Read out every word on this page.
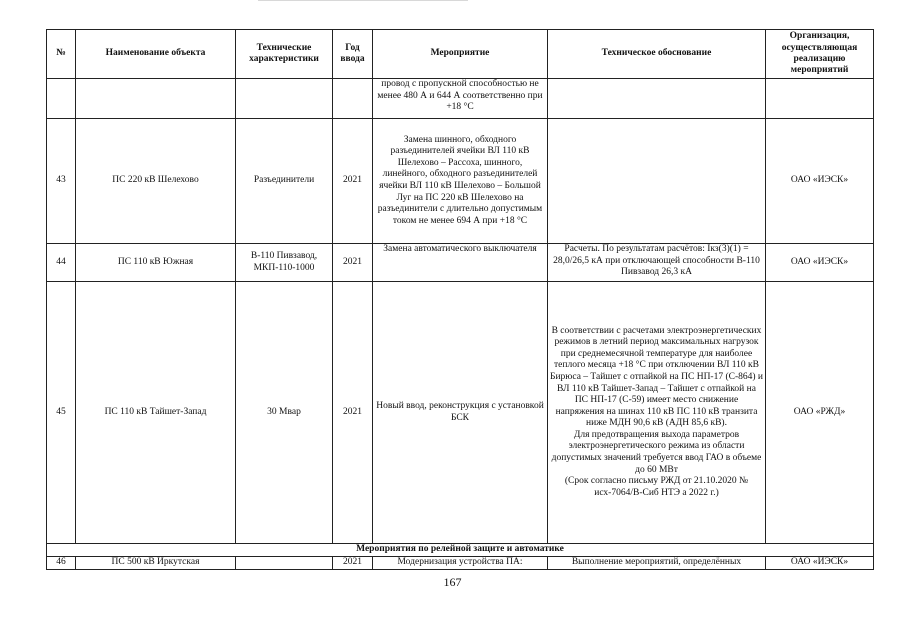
№	Наименование объекта	Технические характеристики	Год ввода	Мероприятие	Техническое обоснование	Организация, осуществляющая реализацию мероприятий
				провод с пропускной способностью не менее 480 А и 644 А соответственно при +18 °С		
43	ПС 220 кВ Шелехово	Разъединители	2021	Замена шинного, обходного разъединителей ячейки ВЛ 110 кВ Шелехово – Рассоха, шинного, линейного, обходного разъединителей ячейки ВЛ 110 кВ Шелехово – Большой Луг на ПС 220 кВ Шелехово на разъединители с длительно допустимым током не менее 694 А при +18 °С		ОАО «ИЭСК»
44	ПС 110 кВ Южная	В-110 Пивзавод, МКП-110-1000	2021	Замена автоматического выключателя	Расчеты. По результатам расчётов: Iкз(3)(1) = 28,0/26,5 кА при отключающей способности В-110 Пивзавод 26,3 кА	ОАО «ИЭСК»
45	ПС 110 кВ Тайшет-Запад	30 Мвар	2021	Новый ввод, реконструкция с установкой БСК	В соответствии с расчетами электроэнергетических режимов в летний период максимальных нагрузок при среднемесячной температуре для наиболее теплого месяца +18 °С при отключении ВЛ 110 кВ Бирюса – Тайшет с отпайкой на ПС НП-17 (С-864) и ВЛ 110 кВ Тайшет-Запад – Тайшет с отпайкой на ПС НП-17 (С-59) имеет место снижение напряжения на шинах 110 кВ ПС 110 кВ транзита ниже МДН 90,6 кВ (АДН 85,6 кВ).
Для предотвращения выхода параметров электроэнергетического режима из области допустимых значений требуется ввод ГАО в объеме до 60 МВт
(Срок согласно письму РЖД от 21.10.2020 № исх-7064/В-Сиб НТЭ а 2022 г.)	ОАО «РЖД»
Мероприятия по релейной защите и автоматике						
46	ПС 500 кВ Иркутская		2021	Модернизация устройства ПА:	Выполнение мероприятий, определённых	ОАО «ИЭСК»
167
